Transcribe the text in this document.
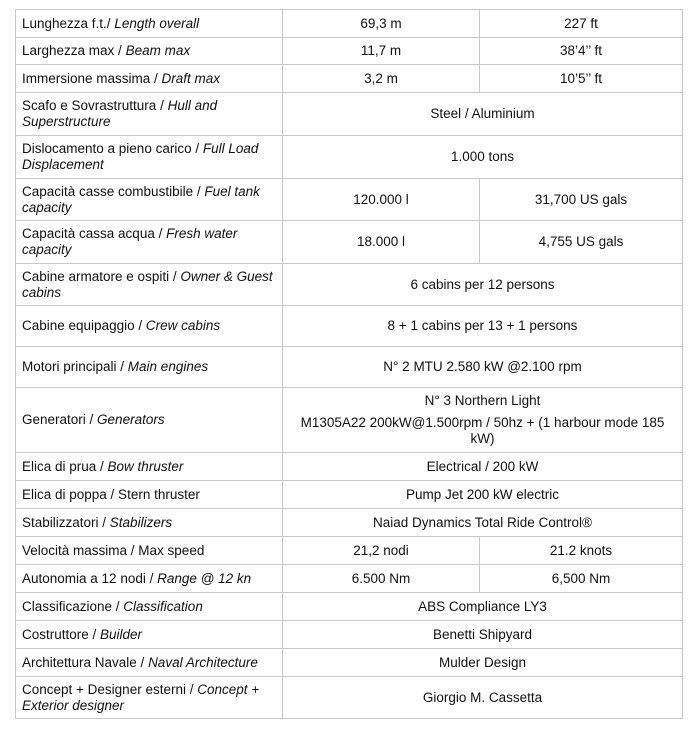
Lunghezza f.t./ Length overall	69,3 m	227 ft
Larghezza max / Beam max	11,7 m	38’4’’ ft
Immersione massima / Draft max	3,2 m	10’5’’ ft
Scafo e Sovrastruttura / Hull and Superstructure	Steel / Aluminium	
Dislocamento a pieno carico / Full Load Displacement	1.000 tons	
Capacità casse combustibile / Fuel tank capacity	120.000 l	31,700 US gals
Capacità cassa acqua / Fresh water capacity	18.000 l	4,755 US gals
Cabine armatore e ospiti / Owner & Guest cabins	6 cabins per 12 persons	
Cabine equipaggio / Crew cabins	8 + 1 cabins per 13 + 1 persons	
Motori principali / Main engines	N° 2 MTU 2.580 kW @2.100 rpm	
Generatori / Generators	N° 3 Northern Light
M1305A22 200kW@1.500rpm / 50hz + (1 harbour mode 185 kW)	

Elica di prua / Bow thruster	Electrical / 200 kW	
Elica di poppa / Stern thruster	Pump Jet 200 kW electric	
Stabilizzatori / Stabilizers	Naiad Dynamics Total Ride Control®	
Velocità massima / Max speed	21,2 nodi	21.2 knots
Autonomia a 12 nodi / Range @ 12 kn	6.500 Nm	6,500 Nm
Classificazione / Classification	ABS Compliance LY3	
Costruttore / Builder	Benetti Shipyard	
Architettura Navale / Naval Architecture	Mulder Design	
Concept + Designer esterni / Concept + Exterior designer	Giorgio M. Cassetta	
